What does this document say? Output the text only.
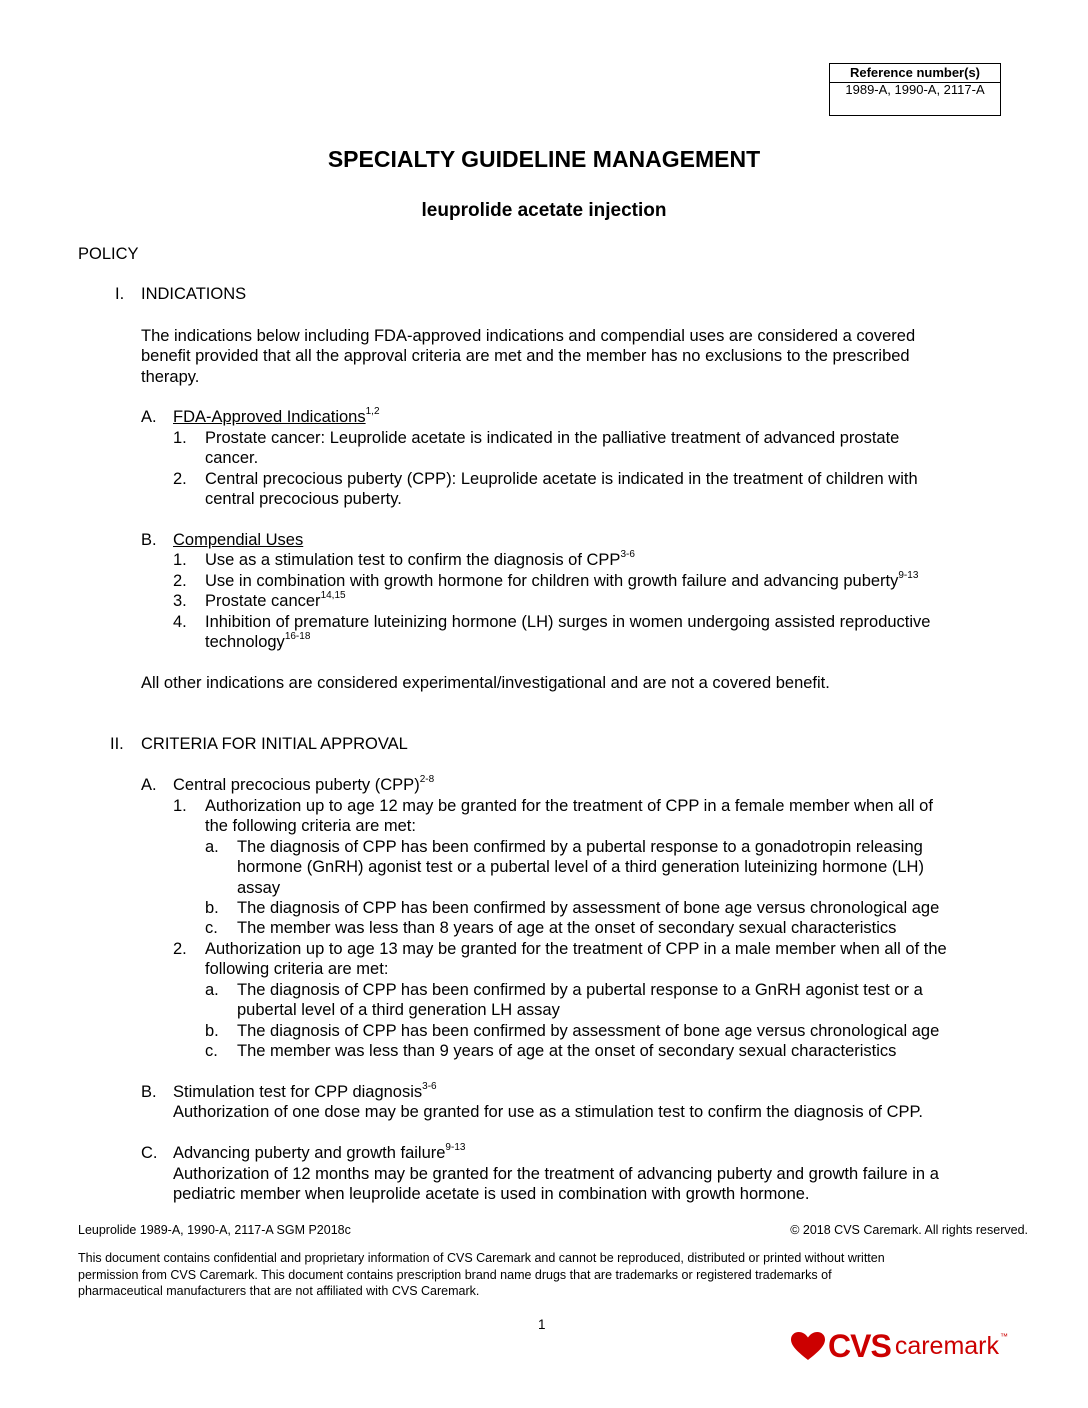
Reference number(s)
1989-A, 1990-A, 2117-A
SPECIALTY GUIDELINE MANAGEMENT
leuprolide acetate injection
POLICY
I. INDICATIONS
The indications below including FDA-approved indications and compendial uses are considered a covered
benefit provided that all the approval criteria are met and the member has no exclusions to the prescribed
therapy.
A. FDA-Approved Indications$^{1,2}$
1. Prostate cancer: Leuprolide acetate is indicated in the palliative treatment of advanced prostate
cancer.
2. Central precocious puberty (CPP): Leuprolide acetate is indicated in the treatment of children with
central precocious puberty.
B. Compendial Uses
1. Use as a stimulation test to confirm the diagnosis of CPP$^{3-6}$
2. Use in combination with growth hormone for children with growth failure and advancing puberty$^{9-13}$
3. Prostate cancer$^{14,15}$
4. Inhibition of premature luteinizing hormone (LH) surges in women undergoing assisted reproductive
technology$^{16-18}$
All other indications are considered experimental/investigational and are not a covered benefit.
II. CRITERIA FOR INITIAL APPROVAL
A. Central precocious puberty (CPP)$^{2-8}$
1. Authorization up to age 12 may be granted for the treatment of CPP in a female member when all of
the following criteria are met:
a. The diagnosis of CPP has been confirmed by a pubertal response to a gonadotropin releasing
hormone (GnRH) agonist test or a pubertal level of a third generation luteinizing hormone (LH)
assay
b. The diagnosis of CPP has been confirmed by assessment of bone age versus chronological age
c. The member was less than 8 years of age at the onset of secondary sexual characteristics
2. Authorization up to age 13 may be granted for the treatment of CPP in a male member when all of the
following criteria are met:
a. The diagnosis of CPP has been confirmed by a pubertal response to a GnRH agonist test or a
pubertal level of a third generation LH assay
b. The diagnosis of CPP has been confirmed by assessment of bone age versus chronological age
c. The member was less than 9 years of age at the onset of secondary sexual characteristics
B. Stimulation test for CPP diagnosis$^{3-6}$
Authorization of one dose may be granted for use as a stimulation test to confirm the diagnosis of CPP.
C. Advancing puberty and growth failure$^{9-13}$
Authorization of 12 months may be granted for the treatment of advancing puberty and growth failure in a
pediatric member when leuprolide acetate is used in combination with growth hormone.
Leuprolide 1989-A, 1990-A, 2117-A SGM P2018c	© 2018 CVS Caremark. All rights reserved.
This document contains confidential and proprietary information of CVS Caremark and cannot be reproduced, distributed or printed without written
permission from CVS Caremark. This document contains prescription brand name drugs that are trademarks or registered trademarks of
pharmaceutical manufacturers that are not affiliated with CVS Caremark.
1
CVS caremark ™
